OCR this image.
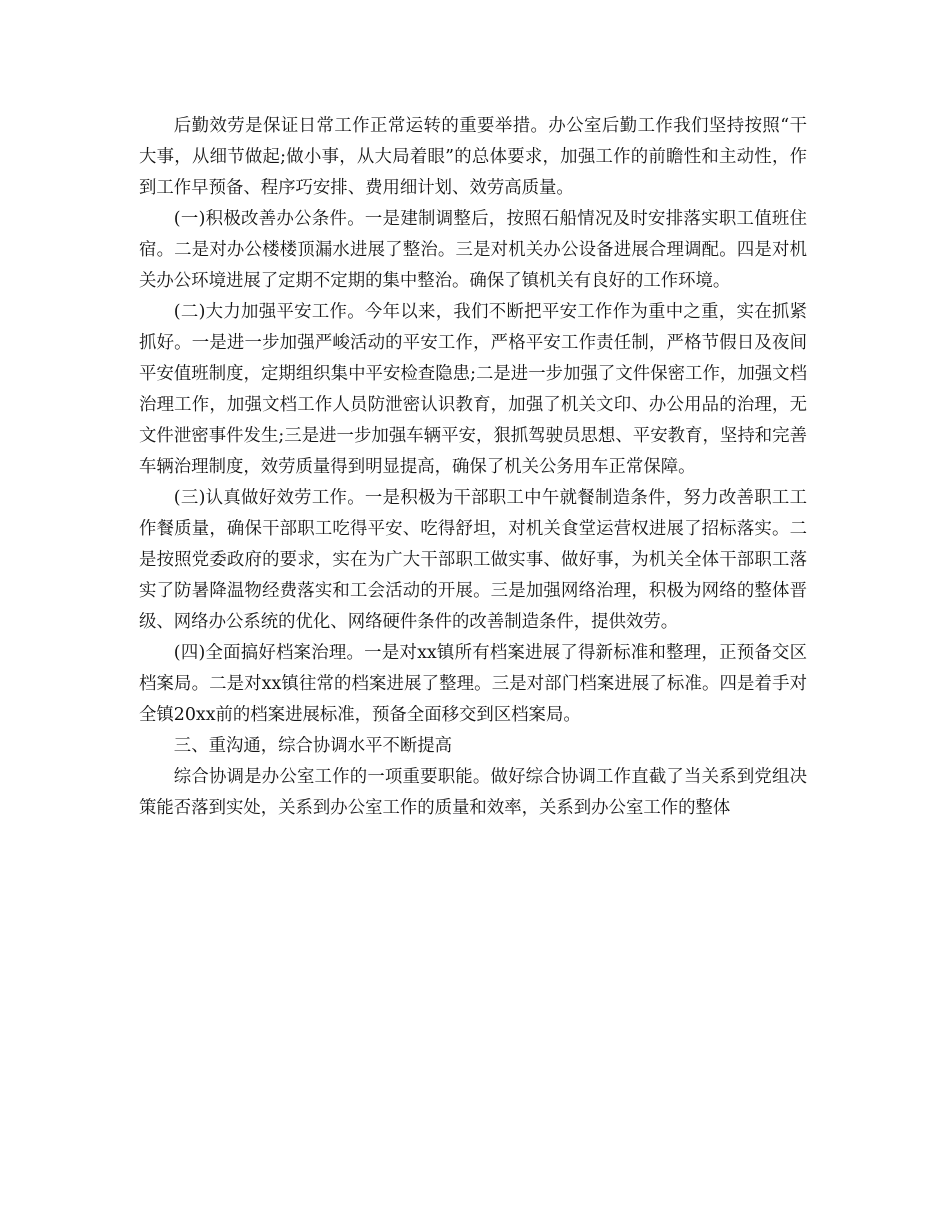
后勤效劳是保证日常工作正常运转的重要举措。办公室后勤工作我们坚持按照“干大事，从细节做起;做小事，从大局着眼”的总体要求，加强工作的前瞻性和主动性，作到工作早预备、程序巧安排、费用细计划、效劳高质量。

(一)积极改善办公条件。一是建制调整后，按照石船情况及时安排落实职工值班住宿。二是对办公楼楼顶漏水进展了整治。三是对机关办公设备进展合理调配。四是对机关办公环境进展了定期不定期的集中整治。确保了镇机关有良好的工作环境。

(二)大力加强平安工作。今年以来，我们不断把平安工作作为重中之重，实在抓紧抓好。一是进一步加强严峻活动的平安工作，严格平安工作责任制，严格节假日及夜间平安值班制度，定期组织集中平安检查隐患;二是进一步加强了文件保密工作，加强文档治理工作，加强文档工作人员防泄密认识教育，加强了机关文印、办公用品的治理，无文件泄密事件发生;三是进一步加强车辆平安，狠抓驾驶员思想、平安教育，坚持和完善车辆治理制度，效劳质量得到明显提高，确保了机关公务用车正常保障。

(三)认真做好效劳工作。一是积极为干部职工中午就餐制造条件，努力改善职工工作餐质量，确保干部职工吃得平安、吃得舒坦，对机关食堂运营权进展了招标落实。二是按照党委政府的要求，实在为广大干部职工做实事、做好事，为机关全体干部职工落实了防暑降温物经费落实和工会活动的开展。三是加强网络治理，积极为网络的整体晋级、网络办公系统的优化、网络硬件条件的改善制造条件，提供效劳。

(四)全面搞好档案治理。一是对xx镇所有档案进展了得新标准和整理，正预备交区档案局。二是对xx镇往常的档案进展了整理。三是对部门档案进展了标准。四是着手对全镇20xx前的档案进展标准，预备全面移交到区档案局。

三、重沟通，综合协调水平不断提高

综合协调是办公室工作的一项重要职能。做好综合协调工作直截了当关系到党组决策能否落到实处，关系到办公室工作的质量和效率，关系到办公室工作的整体
